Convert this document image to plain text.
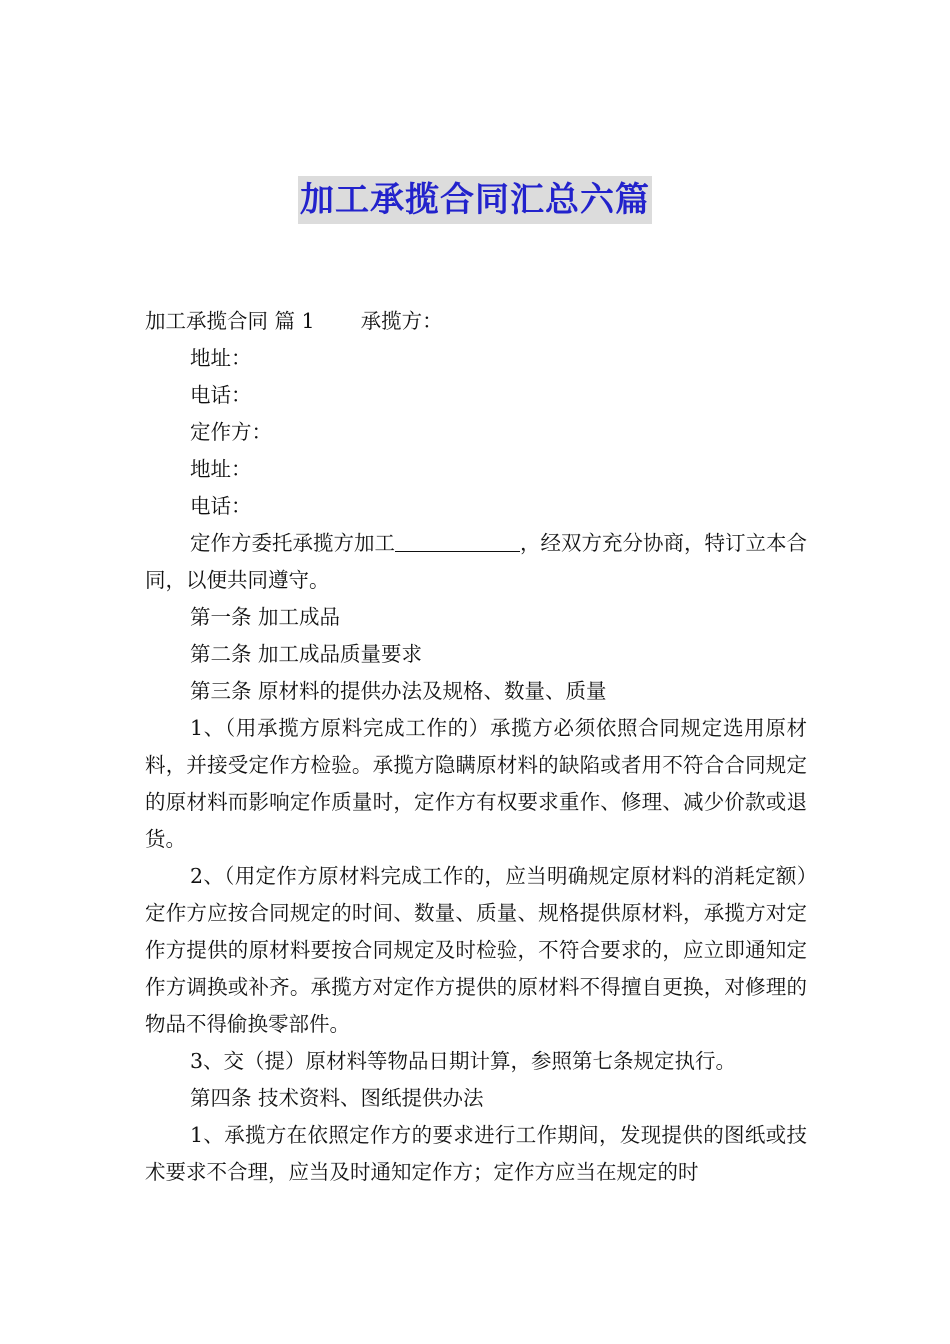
加工承揽合同汇总六篇

加工承揽合同 篇 1 承揽方：

地址：

电话：

定作方：

地址：

电话：

定作方委托承揽方加工	，经双方充分协商，特订立本合同，以便共同遵守。

第一条 加工成品

第二条 加工成品质量要求

第三条 原材料的提供办法及规格、数量、质量

1、（用承揽方原料完成工作的）承揽方必须依照合同规定选用原材料，并接受定作方检验。承揽方隐瞒原材料的缺陷或者用不符合合同规定的原材料而影响定作质量时，定作方有权要求重作、修理、减少价款或退货。

2、（用定作方原材料完成工作的，应当明确规定原材料的消耗定额）定作方应按合同规定的时间、数量、质量、规格提供原材料，承揽方对定作方提供的原材料要按合同规定及时检验，不符合要求的，应立即通知定作方调换或补齐。承揽方对定作方提供的原材料不得擅自更换，对修理的物品不得偷换零部件。

3、交（提）原材料等物品日期计算，参照第七条规定执行。

第四条 技术资料、图纸提供办法

1、承揽方在依照定作方的要求进行工作期间，发现提供的图纸或技术要求不合理，应当及时通知定作方；定作方应当在规定的时
